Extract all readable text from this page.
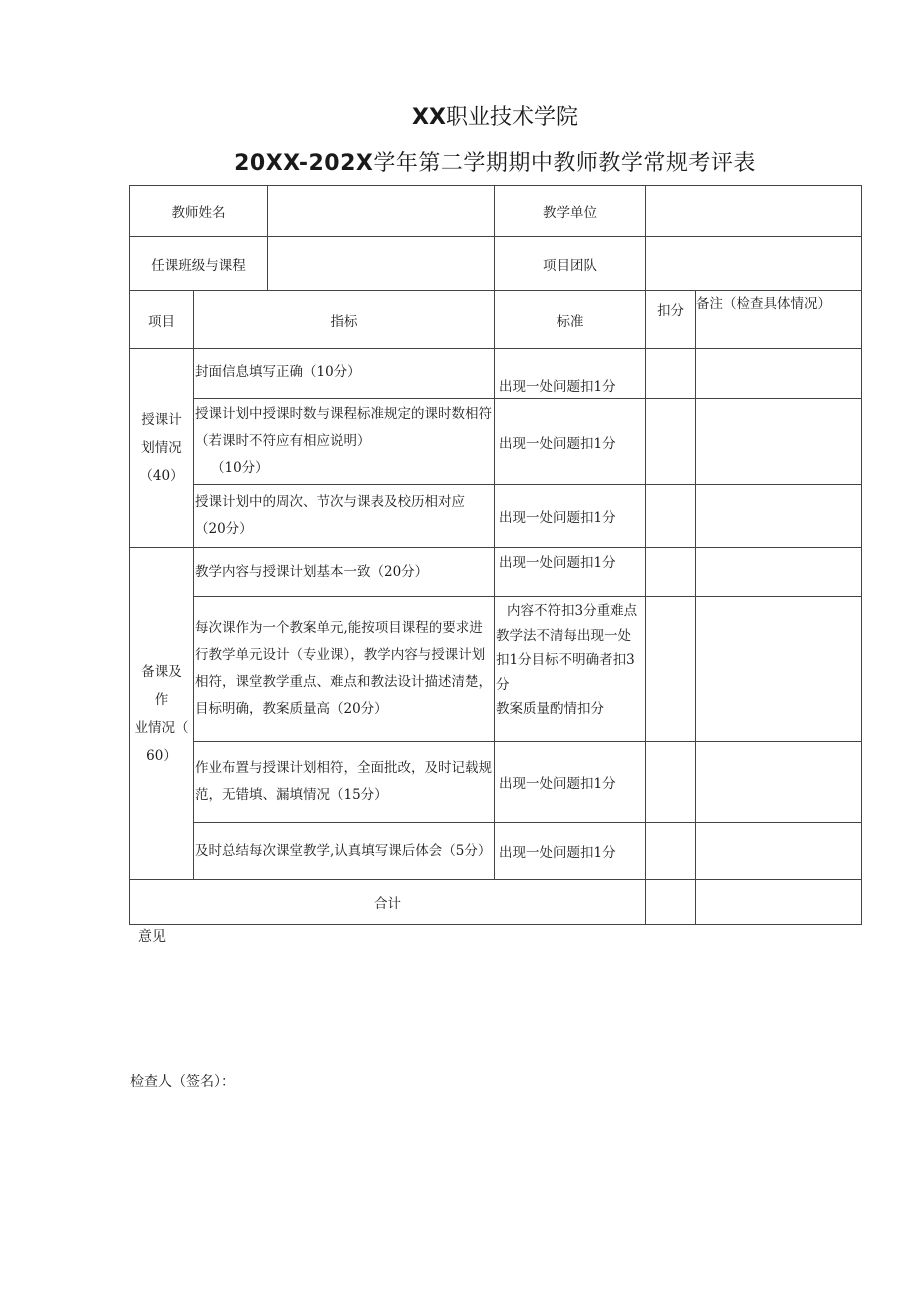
XX职业技术学院
20XX-202X学年第二学期期中教师教学常规考评表
教师姓名			教学单位		
任课班级与课程			项目团队		
项目	指标		标准	扣分	备注（检查具体情况）

授课计
划情况
（40）	封面信息填写正确（10分）		出现一处问题扣1分		

	授课计划中授课时数与课程标准规定的课时数相符（若课时不符应有相应说明）
（10分）		出现一处问题扣1分		
	授课计划中的周次、节次与课表及校历相对应（20分）		出现一处问题扣1分		

备课及
作
业情况（
60）	教学内容与授课计划基本一致（20分）		出现一处问题扣1分		
	每次课作为一个教案单元,能按项目课程的要求进行教学单元设计（专业课），教学内容与授课计划相符，课堂教学重点、难点和教法设计描述清楚，目标明确，教案质量高（20分）		内容不符扣3分重难点教学法不清每出现一处扣1分目标不明确者扣3分
教案质量酌情扣分		

	作业布置与授课计划相符，全面批改，及时记载规范，无错填、漏填情况（15分）		出现一处问题扣1分		
	及时总结每次课堂教学,认真填写课后体会（5分）		出现一处问题扣1分		
合计					
意见
检查人（签名）：
